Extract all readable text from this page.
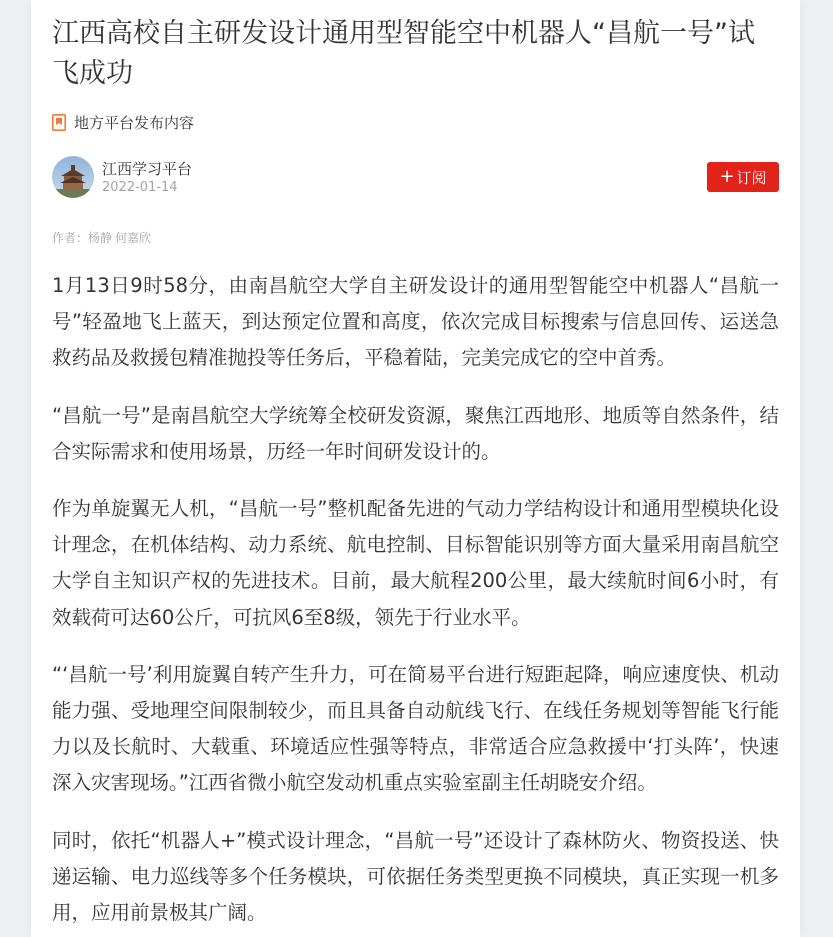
江西高校自主研发设计通用型智能空中机器人“昌航一号”试飞成功
地方平台发布内容
江西学习平台
2022-01-14
+ 订阅
作者：杨静 何嘉欣

1月13日9时58分，由南昌航空大学自主研发设计的通用型智能空中机器人“昌航一号”轻盈地飞上蓝天，到达预定位置和高度，依次完成目标搜索与信息回传、运送急救药品及救援包精准抛投等任务后，平稳着陆，完美完成它的空中首秀。

“昌航一号”是南昌航空大学统筹全校研发资源，聚焦江西地形、地质等自然条件，结合实际需求和使用场景，历经一年时间研发设计的。

作为单旋翼无人机，“昌航一号”整机配备先进的气动力学结构设计和通用型模块化设计理念，在机体结构、动力系统、航电控制、目标智能识别等方面大量采用南昌航空大学自主知识产权的先进技术。目前，最大航程200公里，最大续航时间6小时，有效载荷可达60公斤，可抗风6至8级，领先于行业水平。

“‘昌航一号’利用旋翼自转产生升力，可在简易平台进行短距起降，响应速度快、机动能力强、受地理空间限制较少，而且具备自动航线飞行、在线任务规划等智能飞行能力以及长航时、大载重、环境适应性强等特点，非常适合应急救援中‘打头阵’，快速深入灾害现场。”江西省微小航空发动机重点实验室副主任胡晓安介绍。

同时，依托“机器人+”模式设计理念，“昌航一号”还设计了森林防火、物资投送、快递运输、电力巡线等多个任务模块，可依据任务类型更换不同模块，真正实现一机多用，应用前景极其广阔。
